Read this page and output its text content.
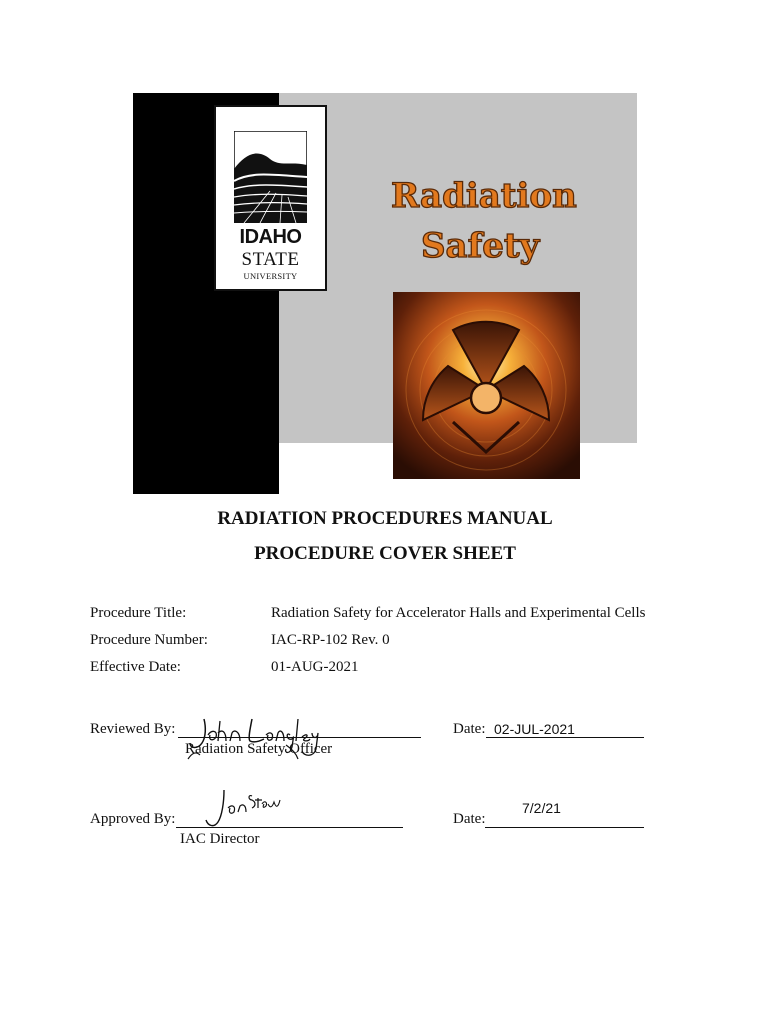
IDAHO
STATE
UNIVERSITY
Radiation
Safety
RADIATION PROCEDURES MANUAL
PROCEDURE COVER SHEET
Procedure Title:	Radiation Safety for Accelerator Halls and Experimental Cells
Procedure Number:	IAC-RP-102 Rev. 0
Effective Date:	01-AUG-2021
Reviewed By:
Radiation Safety Officer
Date: 02-JUL-2021
Approved By:
IAC Director
Date:
7/2/21
